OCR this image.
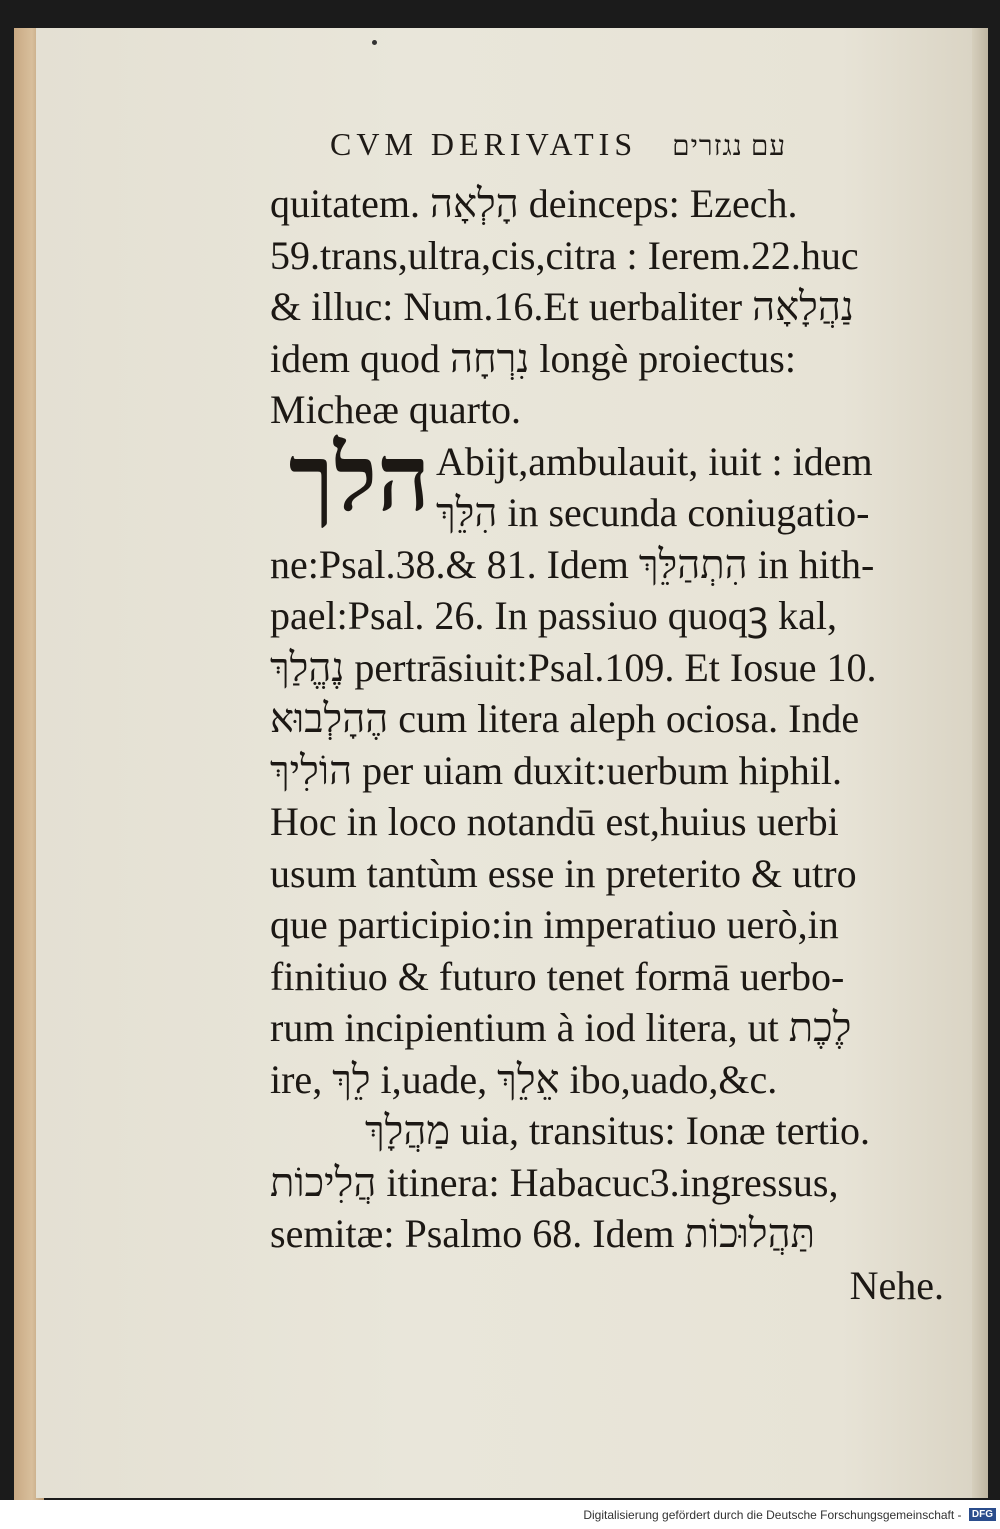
CVM DERIVATIS עם נגזרים
quitatem. הָלְאָה deinceps: Ezech.
59.trans,ultra,cis,citra : Ierem.22.huc
& illuc: Num.16.Et uerbaliter נַהֲלָאָה
idem quod נִרְחָה longè proiectus:
Micheæ quarto.
Abijt,ambulauit, iuit : idem
הִלֵּךְ in secunda coniugatio-
ne:Psal.38.& 81. Idem הִתְהַלֵּךְ in hith-
pael:Psal. 26. In passiuo quoqꝫ kal,
נֶהֱלַךְ pertrāsiuit:Psal.109. Et Iosue 10.
הֶהָלְבוּא cum litera aleph ociosa. Inde
הוֹלִיךְ per uiam duxit:uerbum hiphil.
Hoc in loco notandū est,huius uerbi
usum tantùm esse in preterito & utro
que participio:in imperatiuo uerò,in
finitiuo & futuro tenet formā uerbo-
rum incipientium à iod litera, ut לֶכֶת
ire, לֵךְ i,uade, אֵלֵךְ ibo,uado,&c.
מַהֲלָךְ uia, transitus: Ionæ tertio.
הֲלִיכוֹת itinera: Habacuc3.ingressus,
semitæ: Psalmo 68. Idem תַּהֲלוּכוֹת
Nehe.
הלך
Digitalisierung gefördert durch die Deutsche Forschungsgemeinschaft - DFG
